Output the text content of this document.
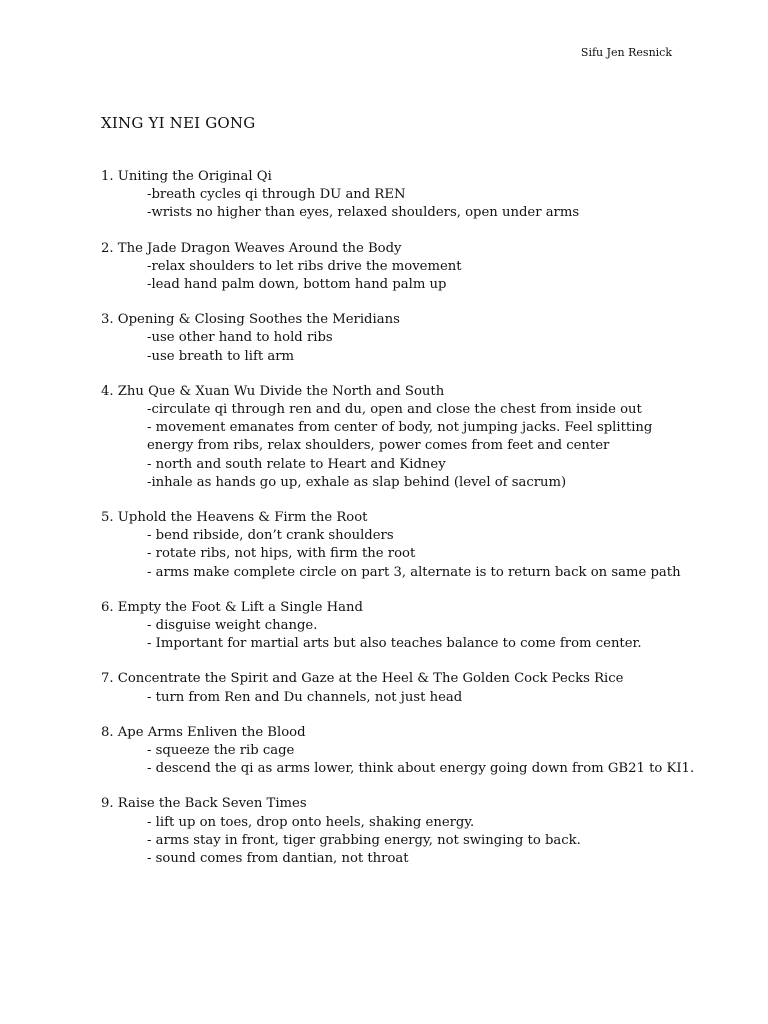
Sifu Jen Resnick
XING YI NEI GONG
1. Uniting the Original Qi
-breath cycles qi through DU and REN
-wrists no higher than eyes, relaxed shoulders, open under arms
2. The Jade Dragon Weaves Around the Body
-relax shoulders to let ribs drive the movement
-lead hand palm down, bottom hand palm up
3. Opening & Closing Soothes the Meridians
-use other hand to hold ribs
-use breath to lift arm
4. Zhu Que & Xuan Wu Divide the North and South
-circulate qi through ren and du, open and close the chest from inside out
- movement emanates from center of body, not jumping jacks. Feel splitting
energy from ribs, relax shoulders, power comes from feet and center
- north and south relate to Heart and Kidney
-inhale as hands go up, exhale as slap behind (level of sacrum)
5. Uphold the Heavens & Firm the Root
- bend ribside, don’t crank shoulders
- rotate ribs, not hips, with firm the root
- arms make complete circle on part 3, alternate is to return back on same path
6. Empty the Foot & Lift a Single Hand
- disguise weight change.
- Important for martial arts but also teaches balance to come from center.
7. Concentrate the Spirit and Gaze at the Heel & The Golden Cock Pecks Rice
- turn from Ren and Du channels, not just head
8. Ape Arms Enliven the Blood
- squeeze the rib cage
- descend the qi as arms lower, think about energy going down from GB21 to KI1.
9. Raise the Back Seven Times
- lift up on toes, drop onto heels, shaking energy.
- arms stay in front, tiger grabbing energy, not swinging to back.
- sound comes from dantian, not throat
